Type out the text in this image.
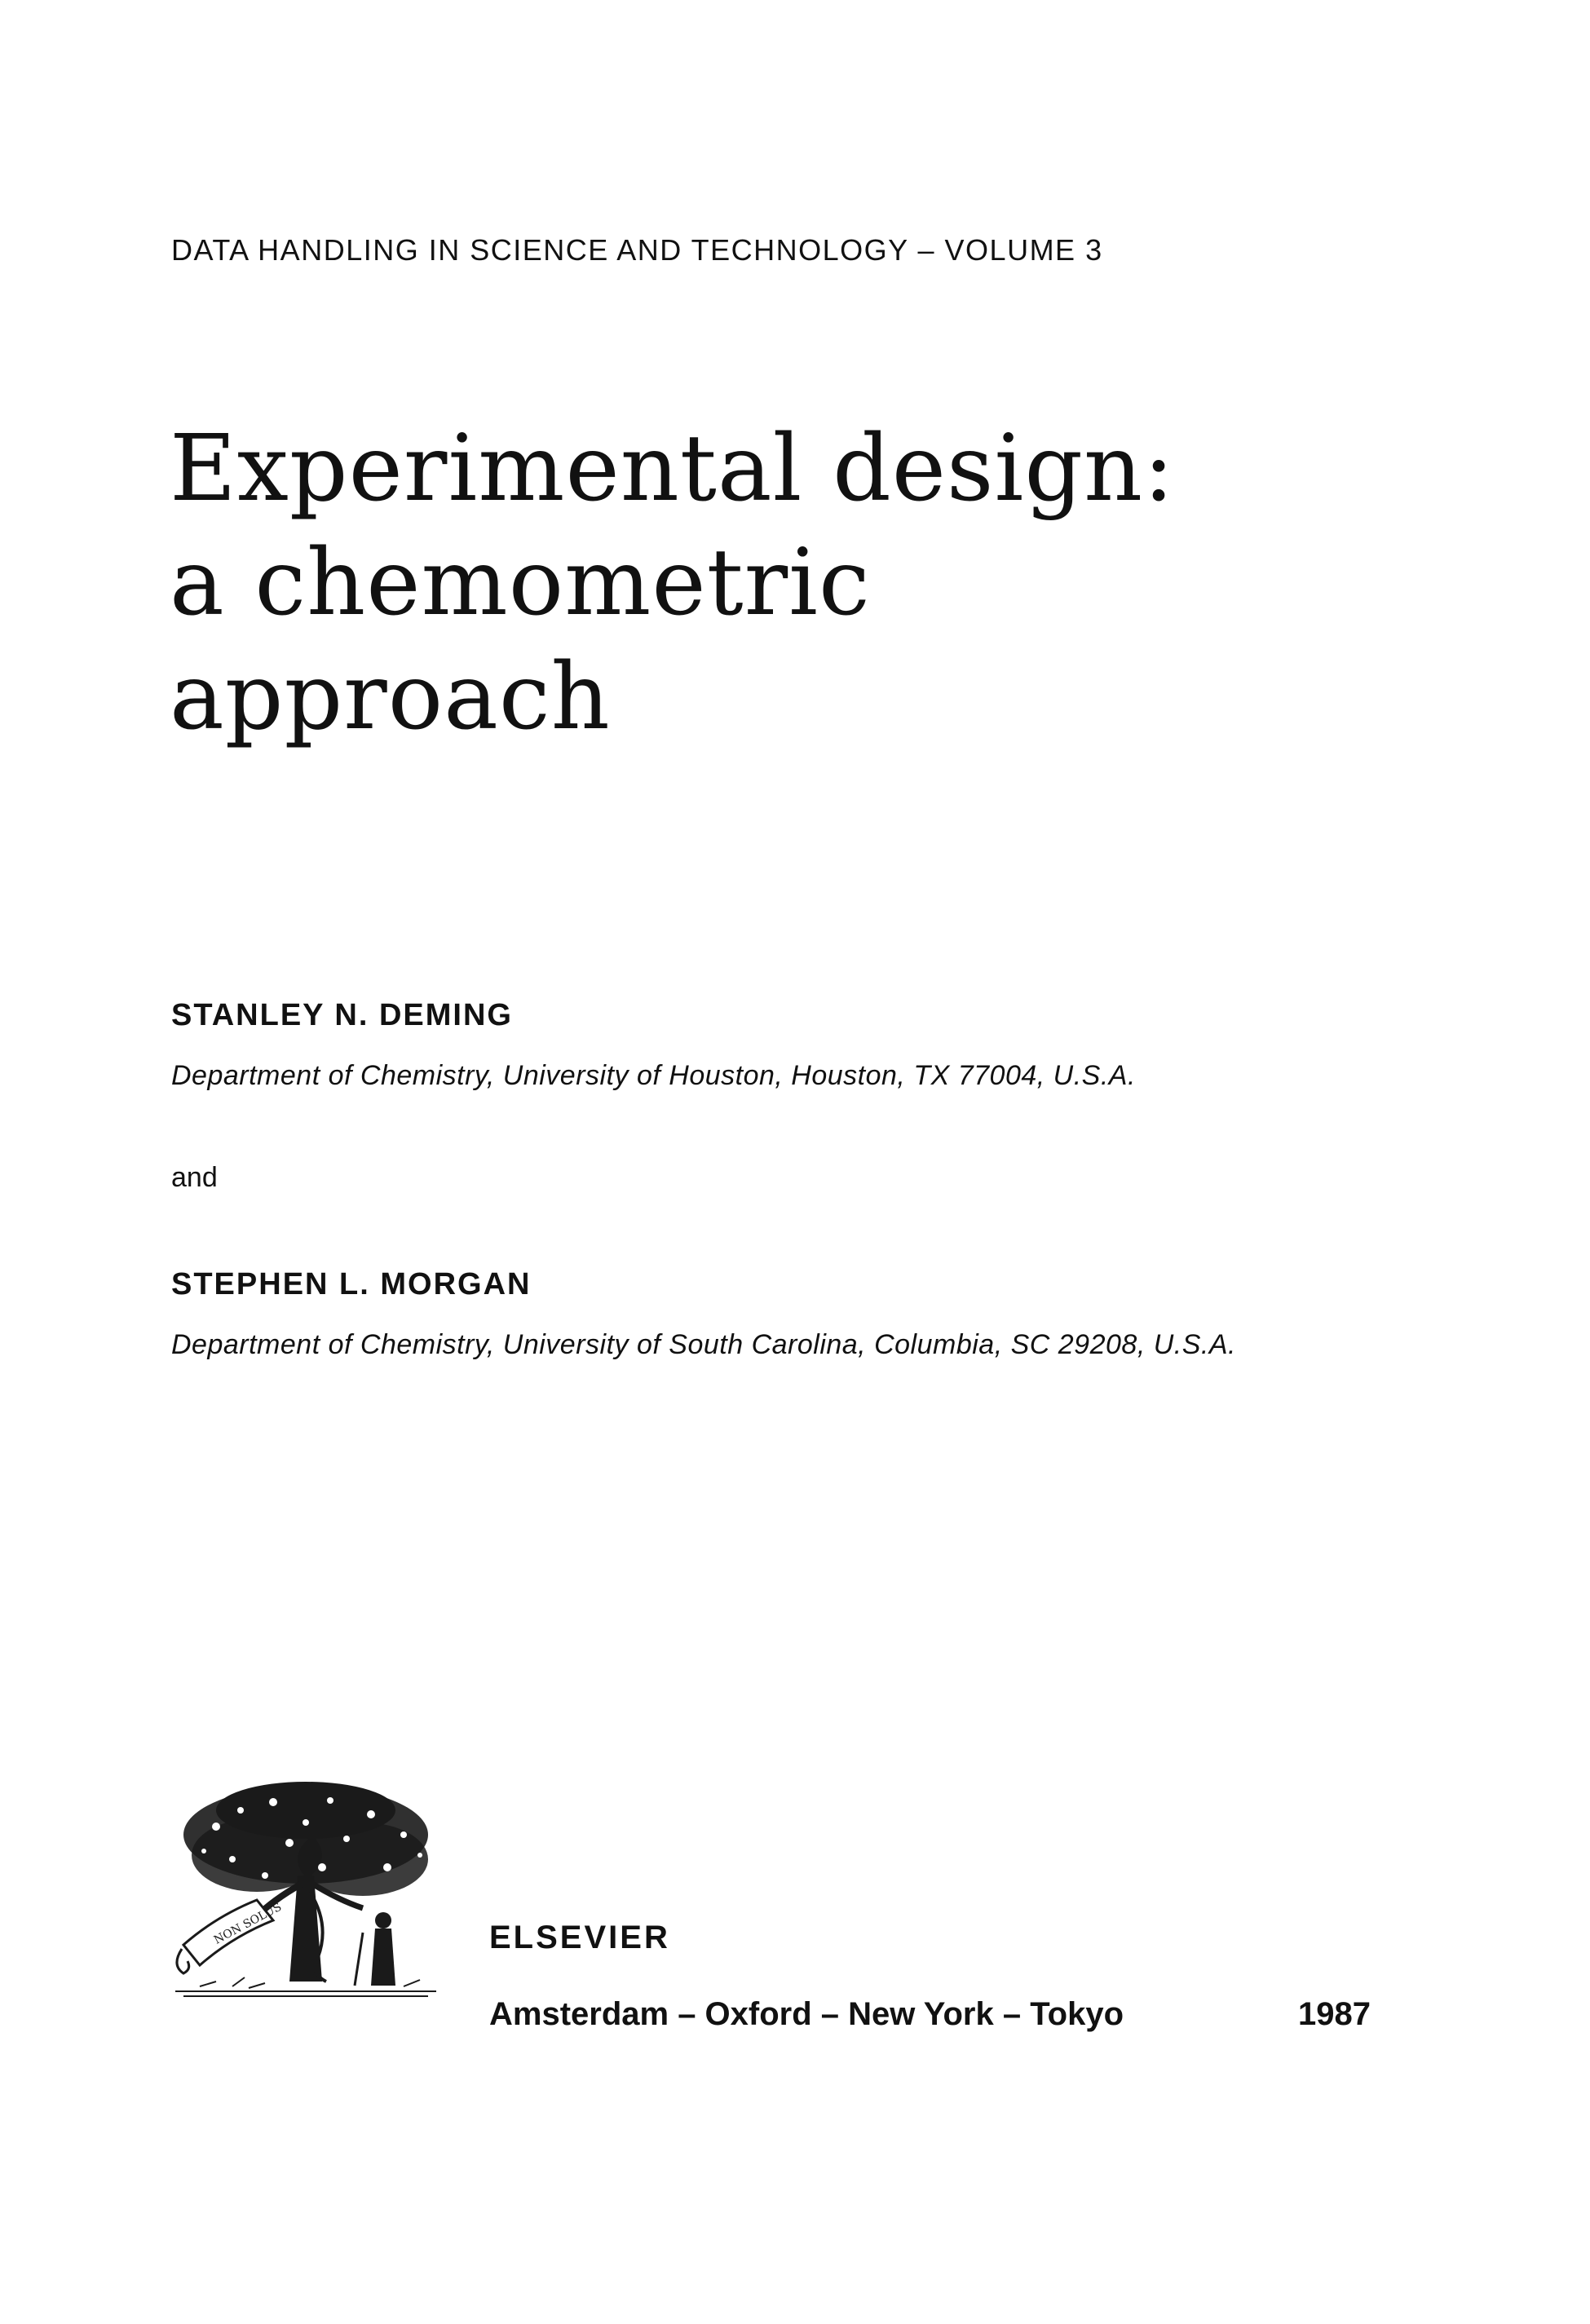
DATA HANDLING IN SCIENCE AND TECHNOLOGY – VOLUME 3
Experimental design:
a chemometric
approach
STANLEY N. DEMING
Department of Chemistry, University of Houston, Houston, TX 77004, U.S.A.
and
STEPHEN L. MORGAN
Department of Chemistry, University of South Carolina, Columbia, SC 29208, U.S.A.
NON SOLUS	ELSEVIER
Amsterdam – Oxford – New York – Tokyo	1987
